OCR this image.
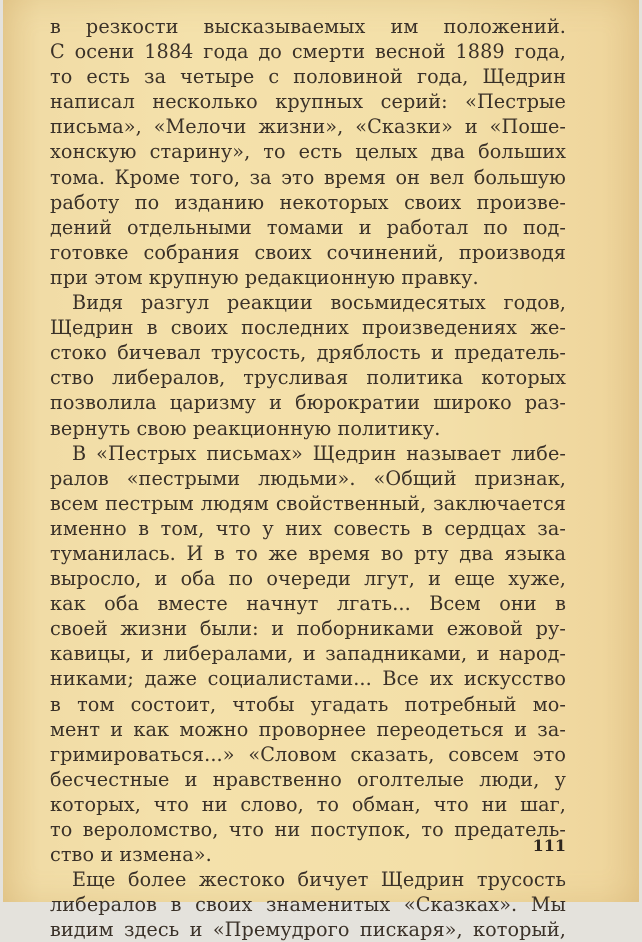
в резкости высказываемых им положений.
С осени 1884 года до смерти весной 1889 года,
то есть за четыре с половиной года, Щедрин
написал несколько крупных серий: «Пестрые
письма», «Мелочи жизни», «Сказки» и «Поше-
хонскую старину», то есть целых два больших
тома. Кроме того, за это время он вел большую
работу по изданию некоторых своих произве-
дений отдельными томами и работал по под-
готовке собрания своих сочинений, производя
при этом крупную редакционную правку.
Видя разгул реакции восьмидесятых годов,
Щедрин в своих последних произведениях же-
стоко бичевал трусость, дряблость и предатель-
ство либералов, трусливая политика которых
позволила царизму и бюрократии широко раз-
вернуть свою реакционную политику.
В «Пестрых письмах» Щедрин называет либе-
ралов «пестрыми людьми». «Общий признак,
всем пестрым людям свойственный, заключается
именно в том, что у них совесть в сердцах за-
туманилась. И в то же время во рту два языка
выросло, и оба по очереди лгут, и еще хуже,
как оба вместе начнут лгать... Всем они в
своей жизни были: и поборниками ежовой ру-
кавицы, и либералами, и западниками, и народ-
никами; даже социалистами... Все их искусство
в том состоит, чтобы угадать потребный мо-
мент и как можно проворнее переодеться и за-
гримироваться...» «Словом сказать, совсем это
бесчестные и нравственно оголтелые люди, у
которых, что ни слово, то обман, что ни шаг,
то вероломство, что ни поступок, то предатель-
ство и измена».
Еще более жестоко бичует Щедрин трусость
либералов в своих знаменитых «Сказках». Мы
видим здесь и «Премудрого пискаря», который,
111
